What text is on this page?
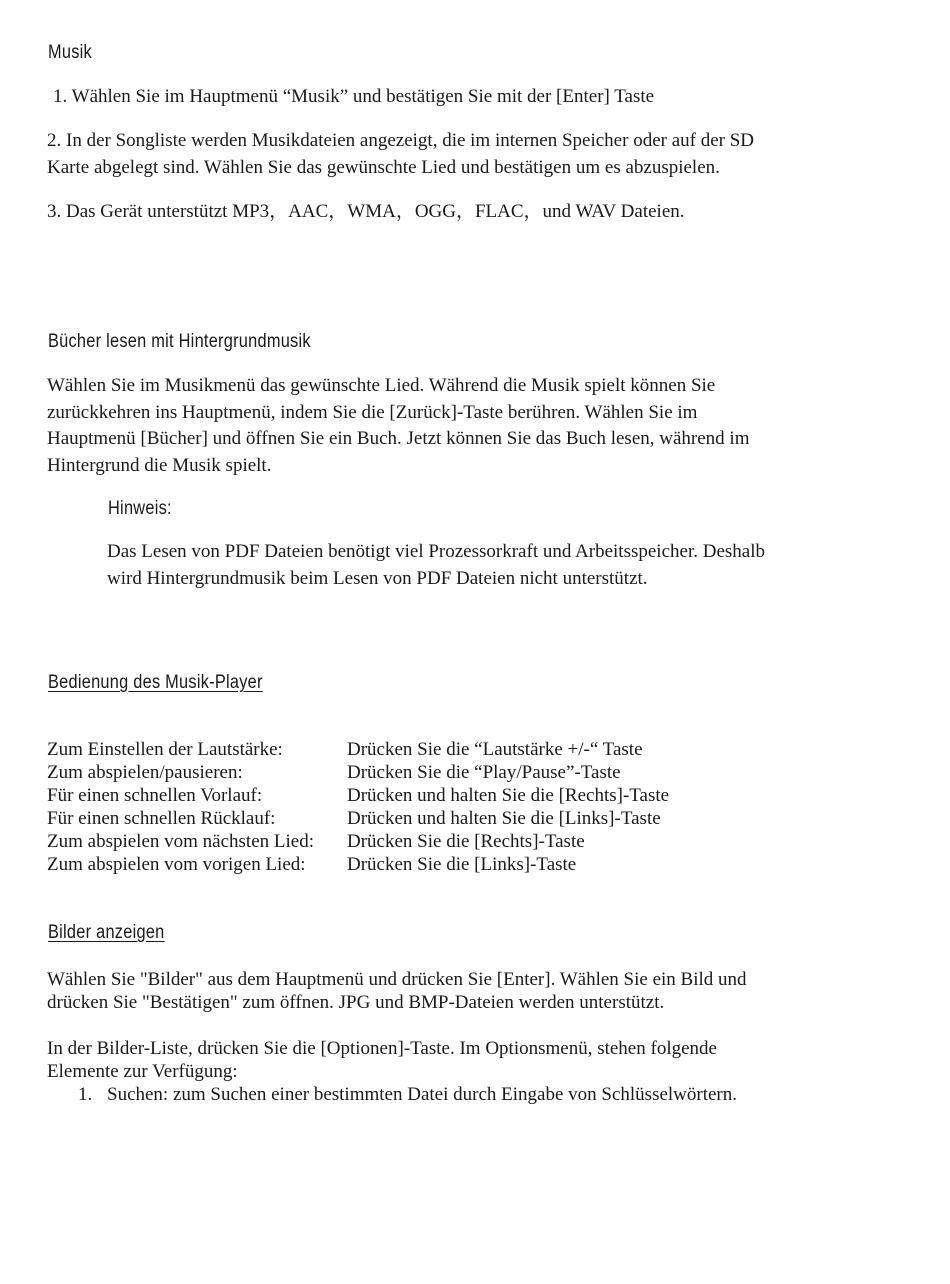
Musik

1. Wählen Sie im Hauptmenü “Musik” und bestätigen Sie mit der [Enter] Taste

2. In der Songliste werden Musikdateien angezeigt, die im internen Speicher oder auf der SD
Karte abgelegt sind. Wählen Sie das gewünschte Lied und bestätigen um es abzuspielen.

3. Das Gerät unterstützt MP3，AAC，WMA，OGG，FLAC，und WAV Dateien.

Bücher lesen mit Hintergrundmusik

Wählen Sie im Musikmenü das gewünschte Lied. Während die Musik spielt können Sie
zurückkehren ins Hauptmenü, indem Sie die [Zurück]-Taste berühren. Wählen Sie im
Hauptmenü [Bücher] und öffnen Sie ein Buch. Jetzt können Sie das Buch lesen, während im
Hintergrund die Musik spielt.

Hinweis:

Das Lesen von PDF Dateien benötigt viel Prozessorkraft und Arbeitsspeicher. Deshalb
wird Hintergrundmusik beim Lesen von PDF Dateien nicht unterstützt.

Bedienung des Musik-Player
Zum Einstellen der Lautstärke:	Drücken Sie die “Lautstärke +/-“ Taste
Zum abspielen/pausieren:	Drücken Sie die “Play/Pause”-Taste
Für einen schnellen Vorlauf:	Drücken und halten Sie die [Rechts]-Taste
Für einen schnellen Rücklauf:	Drücken und halten Sie die [Links]-Taste
Zum abspielen vom nächsten Lied:	Drücken Sie die [Rechts]-Taste
Zum abspielen vom vorigen Lied:	Drücken Sie die [Links]-Taste
Bilder anzeigen

Wählen Sie "Bilder" aus dem Hauptmenü und drücken Sie [Enter]. Wählen Sie ein Bild und
drücken Sie "Bestätigen" zum öffnen. JPG und BMP-Dateien werden unterstützt.

In der Bilder-Liste, drücken Sie die [Optionen]-Taste. Im Optionsmenü, stehen folgende
Elemente zur Verfügung:

1. Suchen: zum Suchen einer bestimmten Datei durch Eingabe von Schlüsselwörtern.
